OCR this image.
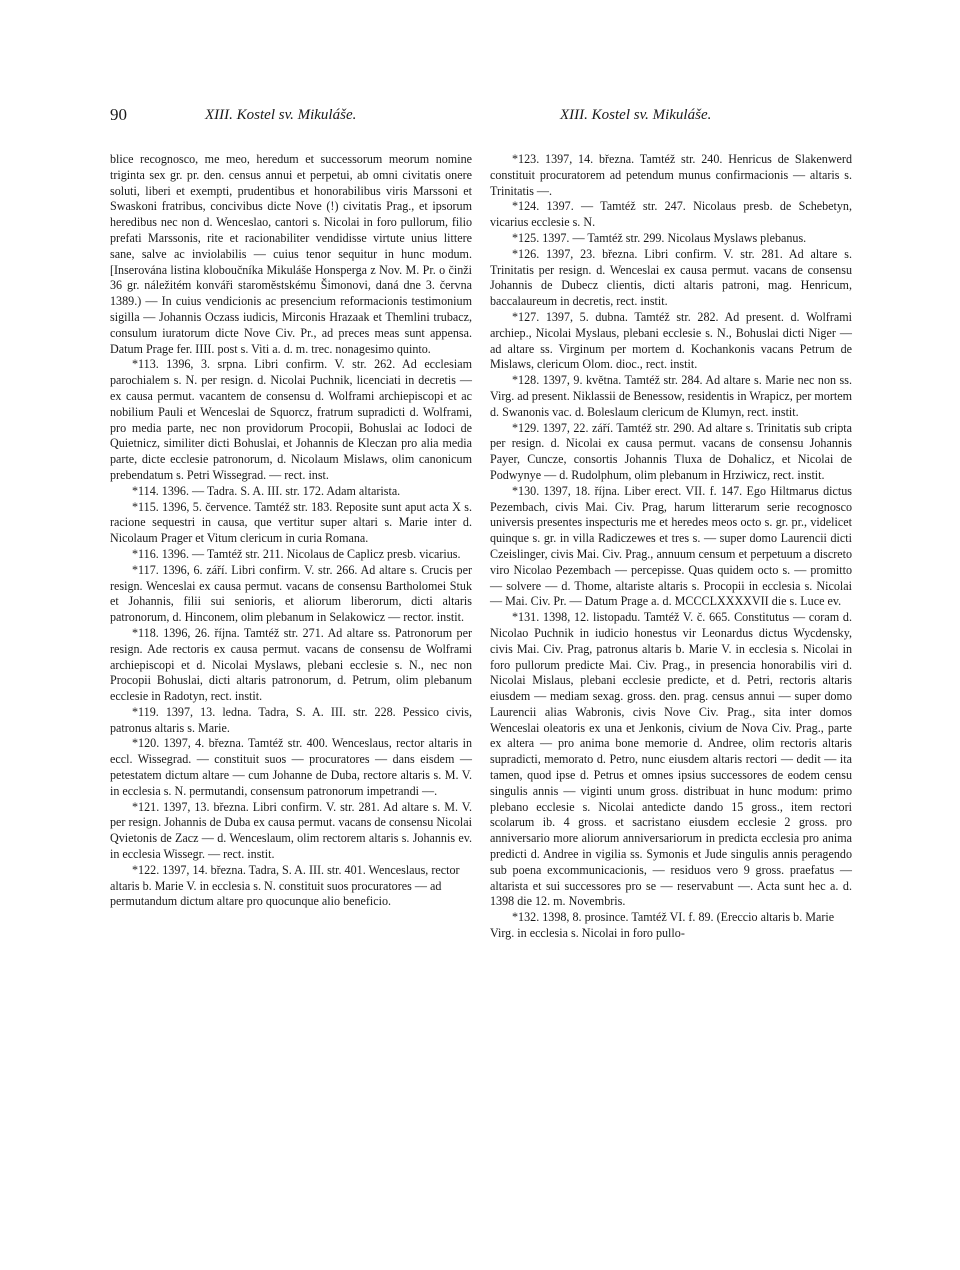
90	XIII. Kostel sv. Mikuláše.	XIII. Kostel sv. Mikuláše.

blice recognosco, me meo, heredum et successorum meorum nomine triginta sex gr. pr. den. census annui et perpetui, ab omni civitatis onere soluti, liberi et exempti, prudentibus et honorabilibus viris Marssoni et Swaskoni fratribus, concivibus dicte Nove (!) civitatis Prag., et ipsorum heredibus nec non d. Wenceslao, cantori s. Nicolai in foro pullorum, filio prefati Marssonis, rite et racionabiliter vendidisse virtute unius littere sane, salve ac inviolabilis — cuius tenor sequitur in hunc modum. [Inserována listina kloboučníka Mikuláše Honsperga z Nov. M. Pr. o činži 36 gr. náležitém konváři staroměstskému Šimonovi, daná dne 3. června 1389.) — In cuius vendicionis ac presencium reformacionis testimonium sigilla — Johannis Oczass iudicis, Mirconis Hrazaak et Themlini trubacz, consulum iuratorum dicte Nove Civ. Pr., ad preces meas sunt appensa. Datum Prage fer. IIII. post s. Viti a. d. m. trec. nonagesimo quinto.

*113. 1396, 3. srpna. Libri confirm. V. str. 262. Ad ecclesiam parochialem s. N. per resign. d. Nicolai Puchnik, licenciati in decretis — ex causa permut. vacantem de consensu d. Wolframi archiepiscopi et ac nobilium Pauli et Wenceslai de Squorcz, fratrum supradicti d. Wolframi, pro media parte, nec non providorum Procopii, Bohuslai ac Iodoci de Quietnicz, similiter dicti Bohuslai, et Johannis de Kleczan pro alia media parte, dicte ecclesie patronorum, d. Nicolaum Mislaws, olim canonicum prebendatum s. Petri Wissegrad. — rect. inst.

*114. 1396. — Tadra. S. A. III. str. 172. Adam altarista.

*115. 1396, 5. července. Tamtéž str. 183. Reposite sunt aput acta X s. racione sequestri in causa, que vertitur super altari s. Marie inter d. Nicolaum Prager et Vitum clericum in curia Romana.

*116. 1396. — Tamtéž str. 211. Nicolaus de Caplicz presb. vicarius.

*117. 1396, 6. září. Libri confirm. V. str. 266. Ad altare s. Crucis per resign. Wenceslai ex causa permut. vacans de consensu Bartholomei Stuk et Johannis, filii sui senioris, et aliorum liberorum, dicti altaris patronorum, d. Hinconem, olim plebanum in Selakowicz — rector. instit.

*118. 1396, 26. října. Tamtéž str. 271. Ad altare ss. Patronorum per resign. Ade rectoris ex causa permut. vacans de consensu de Wolframi archiepiscopi et d. Nicolai Myslaws, plebani ecclesie s. N., nec non Procopii Bohuslai, dicti altaris patronorum, d. Petrum, olim plebanum ecclesie in Radotyn, rect. instit.

*119. 1397, 13. ledna. Tadra, S. A. III. str. 228. Pessico civis, patronus altaris s. Marie.

*120. 1397, 4. března. Tamtéž str. 400. Wenceslaus, rector altaris in eccl. Wissegrad. — constituit suos — procuratores — dans eisdem — petestatem dictum altare — cum Johanne de Duba, rectore altaris s. M. V. in ecclesia s. N. permutandi, consensum patronorum impetrandi —.

*121. 1397, 13. března. Libri confirm. V. str. 281. Ad altare s. M. V. per resign. Johannis de Duba ex causa permut. vacans de consensu Nicolai Qvietonis de Zacz — d. Wenceslaum, olim rectorem altaris s. Johannis ev. in ecclesia Wissegr. — rect. instit.

*122. 1397, 14. března. Tadra, S. A. III. str. 401. Wenceslaus, rector altaris b. Marie V. in ecclesia s. N. constituit suos procuratores — ad permutandum dictum altare pro quocunque alio beneficio.

*123. 1397, 14. března. Tamtéž str. 240. Henricus de Slakenwerd constituit procuratorem ad petendum munus confirmacionis — altaris s. Trinitatis —.

*124. 1397. — Tamtéž str. 247. Nicolaus presb. de Schebetyn, vicarius ecclesie s. N.

*125. 1397. — Tamtéž str. 299. Nicolaus Myslaws plebanus.

*126. 1397, 23. března. Libri confirm. V. str. 281. Ad altare s. Trinitatis per resign. d. Wenceslai ex causa permut. vacans de consensu Johannis de Dubecz clientis, dicti altaris patroni, mag. Henricum, baccalaureum in decretis, rect. instit.

*127. 1397, 5. dubna. Tamtéž str. 282. Ad present. d. Wolframi archiep., Nicolai Myslaus, plebani ecclesie s. N., Bohuslai dicti Niger — ad altare ss. Virginum per mortem d. Kochankonis vacans Petrum de Mislaws, clericum Olom. dioc., rect. instit.

*128. 1397, 9. května. Tamtéž str. 284. Ad altare s. Marie nec non ss. Virg. ad present. Niklassii de Benessow, residentis in Wrapicz, per mortem d. Swanonis vac. d. Boleslaum clericum de Klumyn, rect. instit.

*129. 1397, 22. září. Tamtéž str. 290. Ad altare s. Trinitatis sub cripta per resign. d. Nicolai ex causa permut. vacans de consensu Johannis Payer, Cuncze, consortis Johannis Tluxa de Dohalicz, et Nicolai de Podwynye — d. Rudolphum, olim plebanum in Hrziwicz, rect. instit.

*130. 1397, 18. října. Liber erect. VII. f. 147. Ego Hiltmarus dictus Pezembach, civis Mai. Civ. Prag, harum litterarum serie recognosco universis presentes inspecturis me et heredes meos octo s. gr. pr., videlicet quinque s. gr. in villa Radiczewes et tres s. — super domo Laurencii dicti Czeislinger, civis Mai. Civ. Prag., annuum censum et perpetuum a discreto viro Nicolao Pezembach — percepisse. Quas quidem octo s. — promitto — solvere — d. Thome, altariste altaris s. Procopii in ecclesia s. Nicolai — Mai. Civ. Pr. — Datum Prage a. d. MCCCLXXXXVII die s. Luce ev.

*131. 1398, 12. listopadu. Tamtéž V. č. 665. Constitutus — coram d. Nicolao Puchnik in iudicio honestus vir Leonardus dictus Wycdensky, civis Mai. Civ. Prag, patronus altaris b. Marie V. in ecclesia s. Nicolai in foro pullorum predicte Mai. Civ. Prag., in presencia honorabilis viri d. Nicolai Mislaus, plebani ecclesie predicte, et d. Petri, rectoris altaris eiusdem — mediam sexag. gross. den. prag. census annui — super domo Laurencii alias Wabronis, civis Nove Civ. Prag., sita inter domos Wenceslai oleatoris ex una et Jenkonis, civium de Nova Civ. Prag., parte ex altera — pro anima bone memorie d. Andree, olim rectoris altaris supradicti, memorato d. Petro, nunc eiusdem altaris rectori — dedit — ita tamen, quod ipse d. Petrus et omnes ipsius successores de eodem censu singulis annis — viginti unum gross. distribuat in hunc modum: primo plebano ecclesie s. Nicolai antedicte dando 15 gross., item rectori scolarum ib. 4 gross. et sacristano eiusdem ecclesie 2 gross. pro anniversario more aliorum anniversariorum in predicta ecclesia pro anima predicti d. Andree in vigilia ss. Symonis et Jude singulis annis peragendo sub poena excommunicacionis, — residuos vero 9 gross. praefatus — altarista et sui successores pro se — reservabunt —. Acta sunt hec a. d. 1398 die 12. m. Novembris.

*132. 1398, 8. prosince. Tamtéž VI. f. 89. (Ereccio altaris b. Marie Virg. in ecclesia s. Nicolai in foro pullo-
